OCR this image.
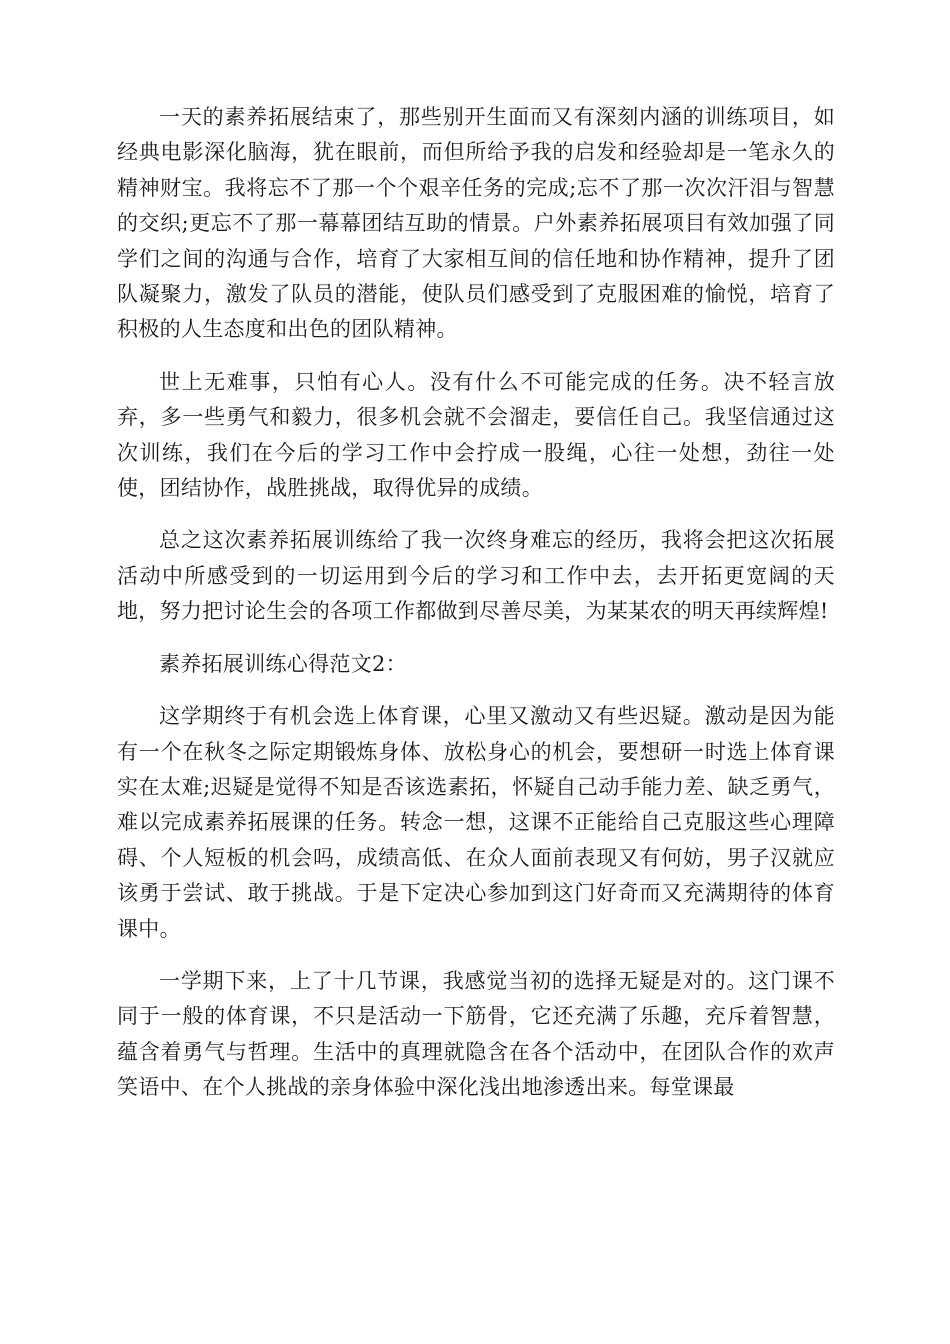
一天的素养拓展结束了，那些别开生面而又有深刻内涵的训练项目，如经典电影深化脑海，犹在眼前，而但所给予我的启发和经验却是一笔永久的精神财宝。我将忘不了那一个个艰辛任务的完成;忘不了那一次次汗泪与智慧的交织;更忘不了那一幕幕团结互助的情景。户外素养拓展项目有效加强了同学们之间的沟通与合作，培育了大家相互间的信任地和协作精神，提升了团队凝聚力，激发了队员的潜能，使队员们感受到了克服困难的愉悦，培育了积极的人生态度和出色的团队精神。

世上无难事，只怕有心人。没有什么不可能完成的任务。决不轻言放弃，多一些勇气和毅力，很多机会就不会溜走，要信任自己。我坚信通过这次训练，我们在今后的学习工作中会拧成一股绳，心往一处想，劲往一处使，团结协作，战胜挑战，取得优异的成绩。

总之这次素养拓展训练给了我一次终身难忘的经历，我将会把这次拓展活动中所感受到的一切运用到今后的学习和工作中去，去开拓更宽阔的天地，努力把讨论生会的各项工作都做到尽善尽美，为某某农的明天再续辉煌!

素养拓展训练心得范文2：

这学期终于有机会选上体育课，心里又激动又有些迟疑。激动是因为能有一个在秋冬之际定期锻炼身体、放松身心的机会，要想研一时选上体育课实在太难;迟疑是觉得不知是否该选素拓，怀疑自己动手能力差、缺乏勇气，难以完成素养拓展课的任务。转念一想，这课不正能给自己克服这些心理障碍、个人短板的机会吗，成绩高低、在众人面前表现又有何妨，男子汉就应该勇于尝试、敢于挑战。于是下定决心参加到这门好奇而又充满期待的体育课中。

一学期下来，上了十几节课，我感觉当初的选择无疑是对的。这门课不同于一般的体育课，不只是活动一下筋骨，它还充满了乐趣，充斥着智慧，蕴含着勇气与哲理。生活中的真理就隐含在各个活动中，在团队合作的欢声笑语中、在个人挑战的亲身体验中深化浅出地渗透出来。每堂课最
